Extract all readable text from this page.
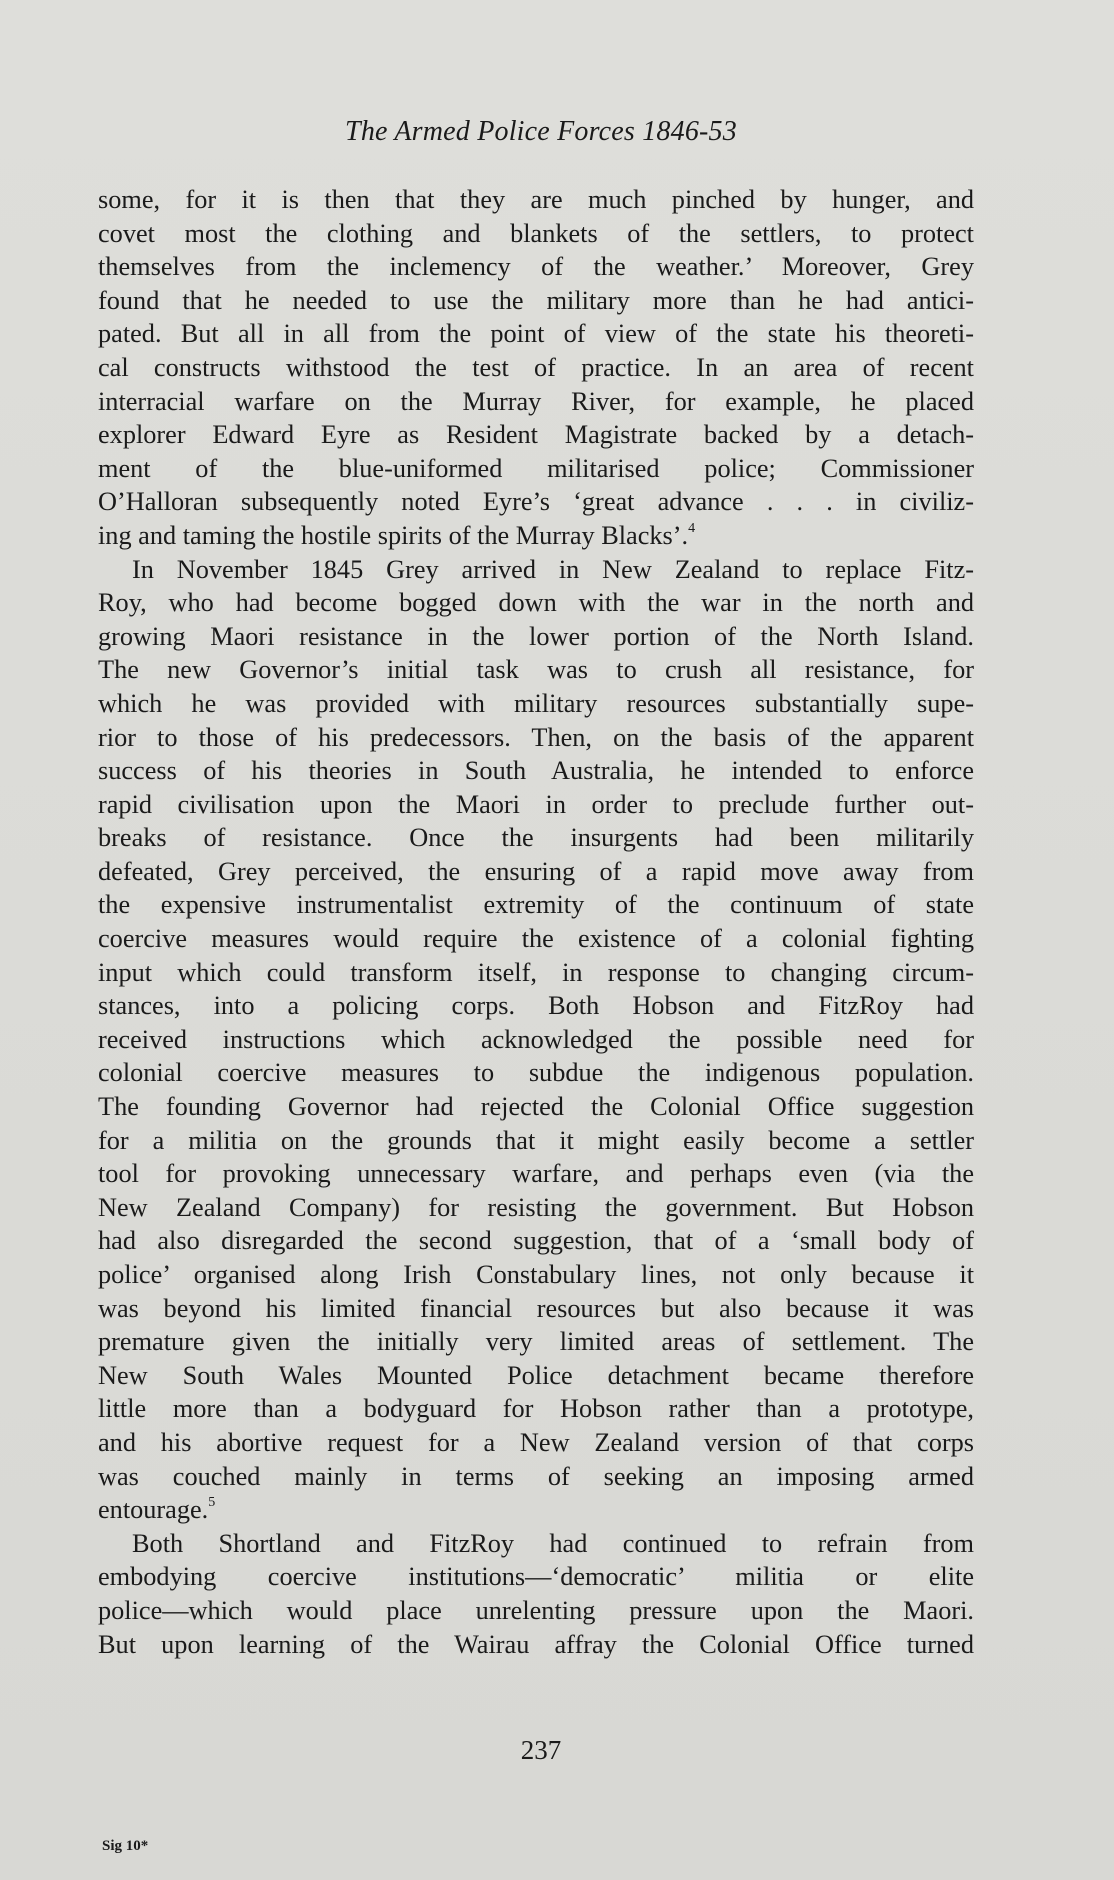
The Armed Police Forces 1846-53
some, for it is then that they are much pinched by hunger, and
covet most the clothing and blankets of the settlers, to protect
themselves from the inclemency of the weather.’ Moreover, Grey
found that he needed to use the military more than he had antici-
pated. But all in all from the point of view of the state his theoreti-
cal constructs withstood the test of practice. In an area of recent
interracial warfare on the Murray River, for example, he placed
explorer Edward Eyre as Resident Magistrate backed by a detach-
ment of the blue-uniformed militarised police; Commissioner
O’Halloran subsequently noted Eyre’s ‘great advance . . . in civiliz-
ing and taming the hostile spirits of the Murray Blacks’.$^4$
In November 1845 Grey arrived in New Zealand to replace Fitz-
Roy, who had become bogged down with the war in the north and
growing Maori resistance in the lower portion of the North Island.
The new Governor’s initial task was to crush all resistance, for
which he was provided with military resources substantially supe-
rior to those of his predecessors. Then, on the basis of the apparent
success of his theories in South Australia, he intended to enforce
rapid civilisation upon the Maori in order to preclude further out-
breaks of resistance. Once the insurgents had been militarily
defeated, Grey perceived, the ensuring of a rapid move away from
the expensive instrumentalist extremity of the continuum of state
coercive measures would require the existence of a colonial fighting
input which could transform itself, in response to changing circum-
stances, into a policing corps. Both Hobson and FitzRoy had
received instructions which acknowledged the possible need for
colonial coercive measures to subdue the indigenous population.
The founding Governor had rejected the Colonial Office suggestion
for a militia on the grounds that it might easily become a settler
tool for provoking unnecessary warfare, and perhaps even (via the
New Zealand Company) for resisting the government. But Hobson
had also disregarded the second suggestion, that of a ‘small body of
police’ organised along Irish Constabulary lines, not only because it
was beyond his limited financial resources but also because it was
premature given the initially very limited areas of settlement. The
New South Wales Mounted Police detachment became therefore
little more than a bodyguard for Hobson rather than a prototype,
and his abortive request for a New Zealand version of that corps
was couched mainly in terms of seeking an imposing armed
entourage.$^5$
Both Shortland and FitzRoy had continued to refrain from
embodying coercive institutions—‘democratic’ militia or elite
police—which would place unrelenting pressure upon the Maori.
But upon learning of the Wairau affray the Colonial Office turned
237
Sig 10*
